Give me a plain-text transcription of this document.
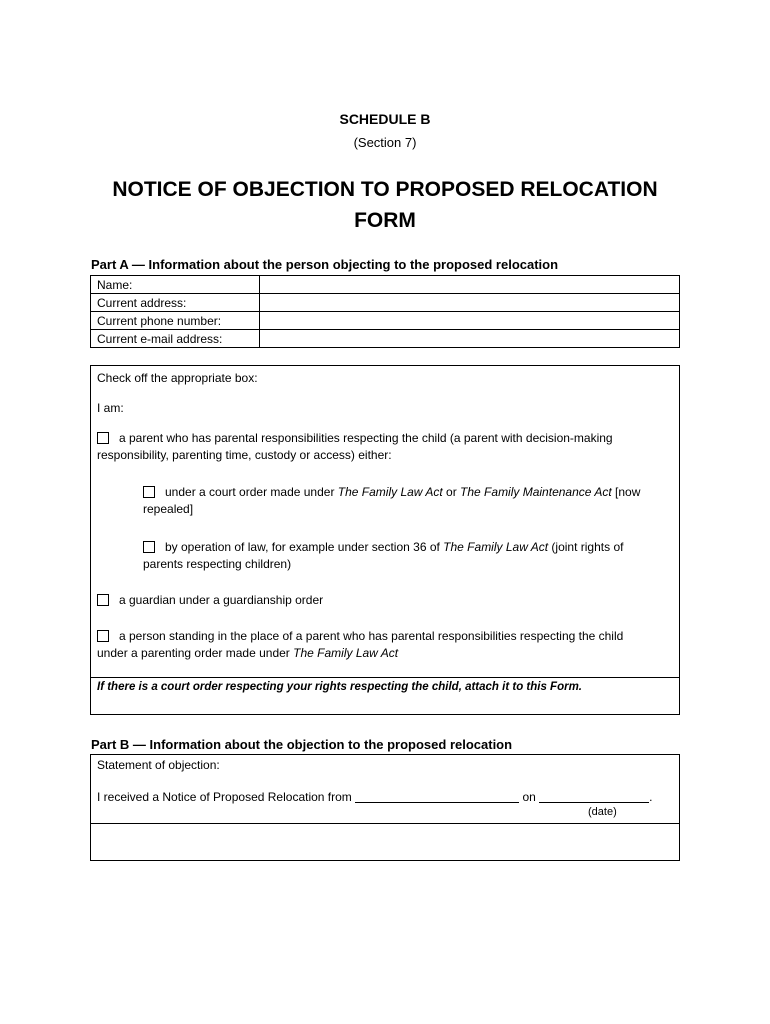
SCHEDULE B
(Section 7)
NOTICE OF OBJECTION TO PROPOSED RELOCATION
FORM
Part A — Information about the person objecting to the proposed relocation
Name:	
Current address:	
Current phone number:	
Current e-mail address:	
Check off the appropriate box:
I am:
a parent who has parental responsibilities respecting the child (a parent with decision-making
responsibility, parenting time, custody or access) either:
under a court order made under The Family Law Act or The Family Maintenance Act [now
repealed]
by operation of law, for example under section 36 of The Family Law Act (joint rights of
parents respecting children)
a guardian under a guardianship order
a person standing in the place of a parent who has parental responsibilities respecting the child
under a parenting order made under The Family Law Act
If there is a court order respecting your rights respecting the child, attach it to this Form.
Part B — Information about the objection to the proposed relocation
Statement of objection:
I received a Notice of Proposed Relocation from	on	.
(date)
